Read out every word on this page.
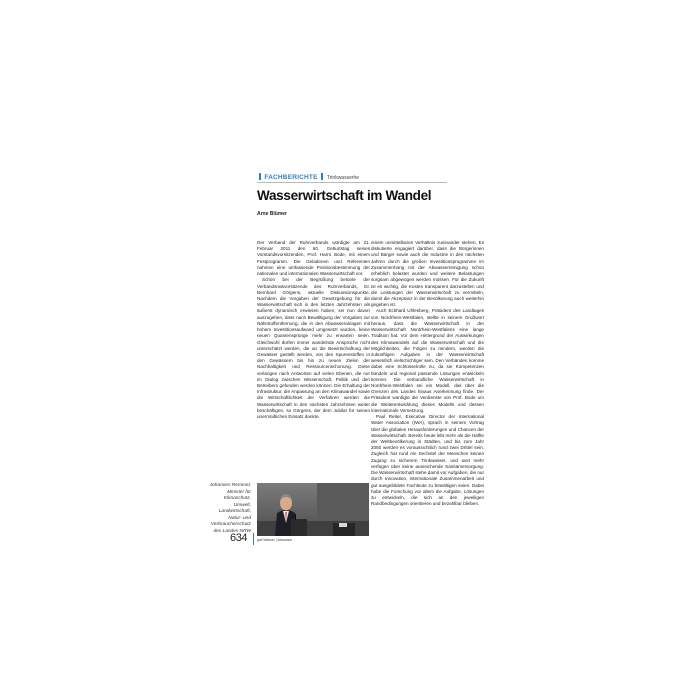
FACHBERICHTE Trinkwasserhe
Wasserwirtschaft im Wandel
Arne Blümer

Der Verband der Ruhrverbands würdigte am 21. Februar 2011 den 60. Geburtstag seines Vorstandsvorsitzenden, Prof. Harro Bode, mit einem Festprogramm. Die Geladenen und Referenten nahmen eine umfassende Positionsbestimmung der nationalen und internationalen Wasserwirtschaft vor.

Schon bei der Begrüßung betonte der Verbandsratsvorsitzende des Ruhrverbands, Dr. Bernhard Görgens, aktuelle Diskussionspunkte. Nachdem die Vorgaben der Gesetzgebung für die Wasserwirtschaft sich in den letzten Jahrzehnten als äußerst dynamisch erwiesen haben, sei nun davon auszugehen, dass nach Bewältigung der Vorgaben zur Nährstoffentfernung, die in den Abwasseranlagen mit hohem Investitionsaufwand umgesetzt wurden, keine neuen Quantensprünge mehr zu erwarten seien. Gleichwohl dürfen immer wandelnde Ansprüche nicht unterschätzt werden, die an die Bewirtschaftung der Gewässer gestellt werden, von den Spurenstoffen in den Gewässern bis hin zu neuen Zielen der Nachhaltigkeit und Ressourcenschonung. Diese verlangen nach Antworten auf vielen Ebenen, die nur im Dialog zwischen Wissenschaft, Politik und den Betreibern gefunden werden können. Die Erhaltung der Infrastruktur, die Anpassung an den Klimawandel sowie die Wirtschaftlichkeit der Verfahren werden die Wasserwirtschaft in den nächsten Jahrzehnten weiter beschäftigen, so Görgens, der dem Jubilar für seinen unermüdlichen Einsatz dankte.

einem unmittelbaren Verhältnis zueinander stehen. Es diskutierte engagiert darüber, dass die Bürgerinnen und Bürger sowie auch die Industrie in den nächsten Jahren durch die großen Investitionsprogramme im Zusammenhang mit der Abwasserreinigung schon erheblich belastet wurden und weitere Belastungen sorgsam abgewogen werden müssen. Für die Zukunft ist es wichtig, die Kosten transparent darzustellen und die Leistungen der Wasserwirtschaft zu vermitteln, damit die Akzeptanz in der Bevölkerung auch weiterhin gegeben ist.

Auch Eckhard Uhlenberg, Präsident des Landtages von Nordrhein-Westfalen, stellte in seinem Grußwort heraus, dass die Wasserwirtschaft in der Wasserwirtschaft Nordrhein-Westfalens eine lange Tradition hat. Vor dem Hintergrund der Auswirkungen des Klimawandels auf die Wasserwirtschaft und die Möglichkeiten, die Folgen zu mindern, werden die zukünftigen Aufgaben in der Wasserwirtschaft wesentlich vielschichtiger sein. Den Verbänden komme dabei eine Schlüsselrolle zu, da sie Kompetenzen bündeln und regional passende Lösungen entwickeln können. Die verbandliche Wasserwirtschaft in Nordrhein-Westfalen sei ein Modell, das über die Grenzen des Landes hinaus Anerkennung finde. Der Präsident würdigte die Verdienste von Prof. Bode um die Weiterentwicklung dieses Modells und dessen internationale Vernetzung.

Paul Reiter, Executive Director der International Water Association (IWA), sprach in seinem Vortrag über die globalen Herausforderungen und Chancen der Wasserwirtschaft. Bereits heute lebt mehr als die Hälfte der Weltbevölkerung in Städten, und bis zum Jahr 2050 werden es voraussichtlich rund zwei Drittel sein. Zugleich hat rund ein Sechstel der Menschen keinen Zugang zu sicherem Trinkwasser, und weit mehr verfügen über keine ausreichende Sanitärversorgung. Die Wasserwirtschaft stehe damit vor Aufgaben, die nur durch Innovation, internationale Zusammenarbeit und gut ausgebildete Fachleute zu bewältigen seien. Dabei habe die Forschung vor allem die Aufgabe, Lösungen zu entwickeln, die sich an den jeweiligen Randbedingungen orientieren und bezahlbar bleiben.

Johannes Remmel, Minister für Klimaschutz, Umwelt, Landwirtschaft, Natur- und Verbraucherschutz des Landes NRW
634	Juni 2011
gwf-Wasser | Abwasser
